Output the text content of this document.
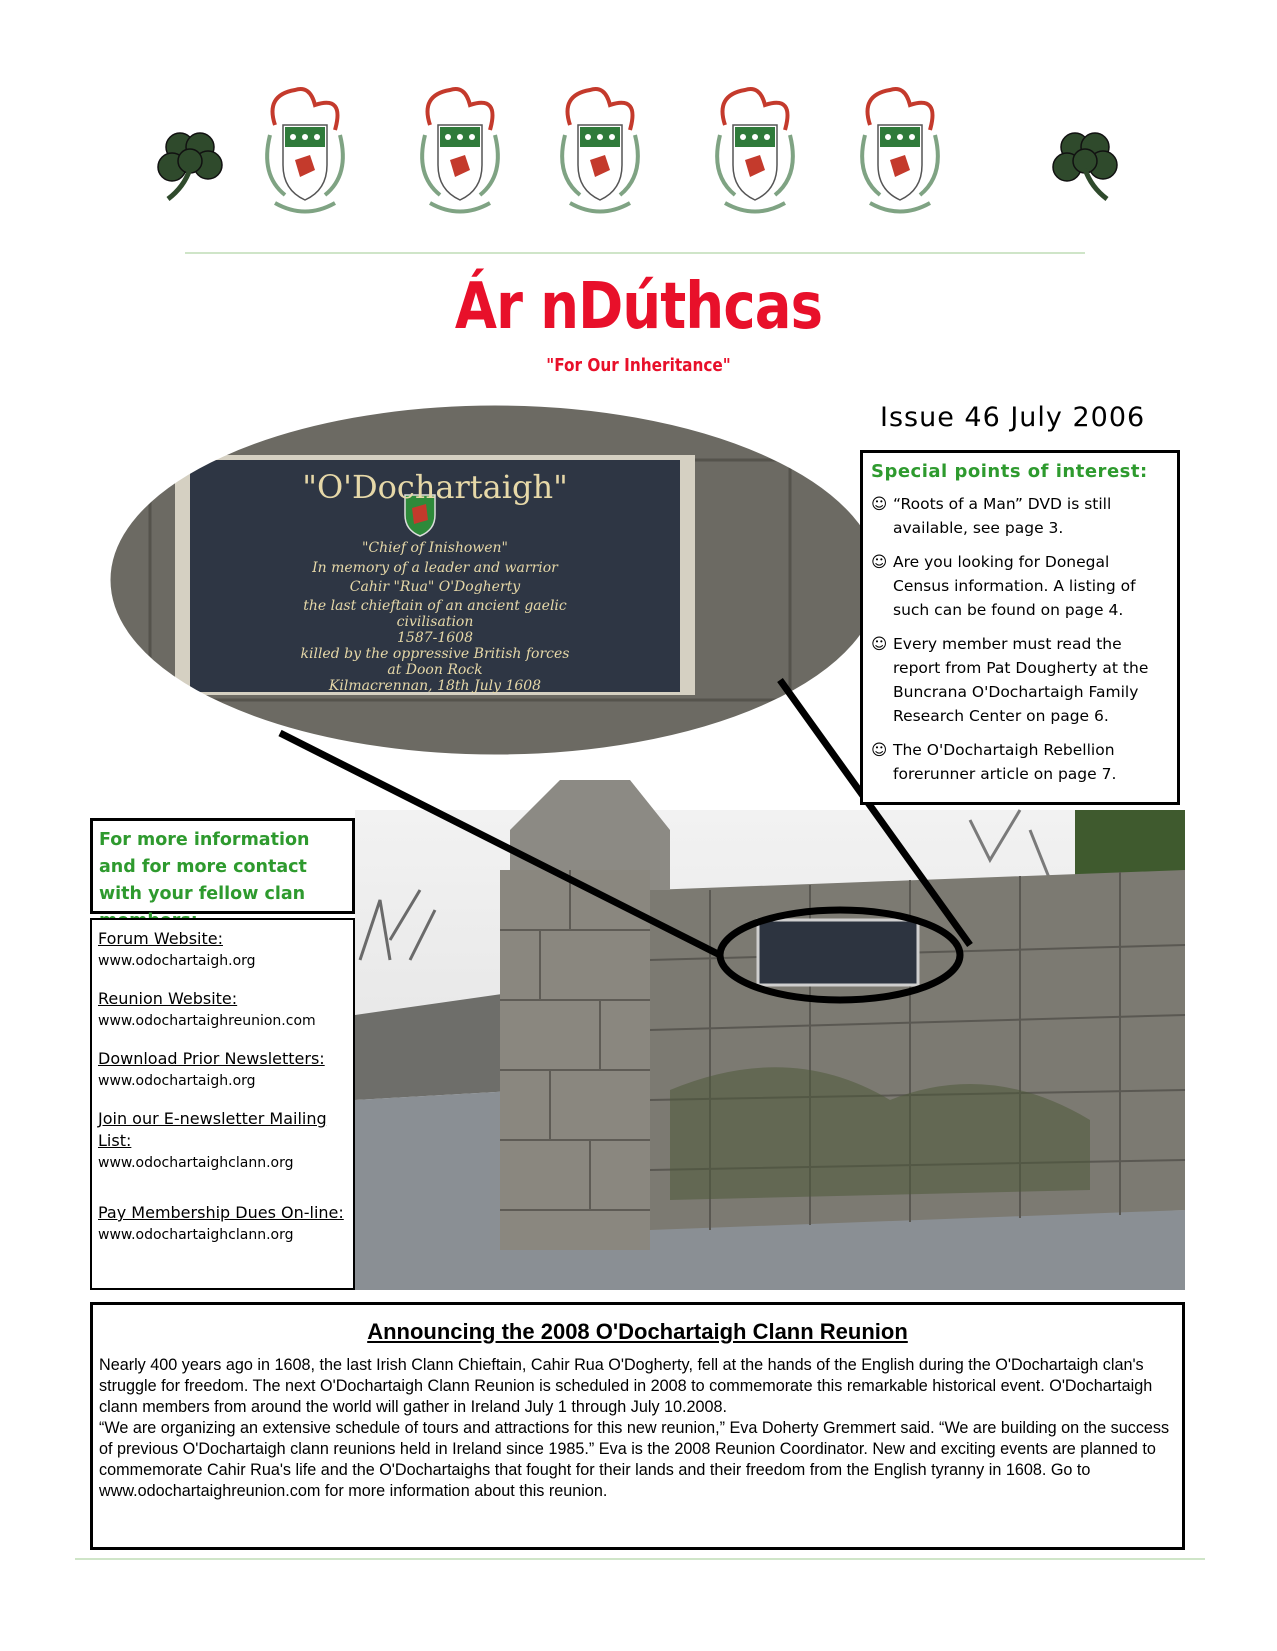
Ár nDúthcas
"For Our Inheritance"
Issue 46 July 2006
"O'Dochartaigh"
"Chief of Inishowen"
In memory of a leader and warrior
Cahir "Rua" O'Dogherty
the last chieftain of an ancient gaelic
civilisation
1587-1608
killed by the oppressive British forces
at Doon Rock
Kilmacrennan, 18th July 1608
Special points of interest:
☺ “Roots of a Man” DVD is still available, see page 3.
☺ Are you looking for Donegal Census information. A listing of such can be found on page 4.
☺ Every member must read the report from Pat Dougherty at the Buncrana O'Dochartaigh Family Research Center on page 6.
☺ The O'Dochartaigh Rebellion forerunner article on page 7.
For more information and for more contact with your fellow clan
Forum Website:
www.odochartaigh.org
Reunion Website:
www.odochartaighreunion.com
Download Prior Newsletters:
www.odochartaigh.org
Join our E-newsletter Mailing List:
www.odochartaighclann.org
Pay Membership Dues On-line:
www.odochartaighclann.org
Announcing the 2008 O'Dochartaigh Clann Reunion

Nearly 400 years ago in 1608, the last Irish Clann Chieftain, Cahir Rua O'Dogherty, fell at the hands of the English during the O'Dochartaigh clan's struggle for freedom. The next O'Dochartaigh Clann Reunion is scheduled in 2008 to commemorate this remarkable historical event. O'Dochartaigh clann members from around the world will gather in Ireland July 1 through July 10.2008.

“We are organizing an extensive schedule of tours and attractions for this new reunion,” Eva Doherty Gremmert said. “We are building on the success of previous O'Dochartaigh clann reunions held in Ireland since 1985.” Eva is the 2008 Reunion Coordinator. New and exciting events are planned to commemorate Cahir Rua's life and the O'Dochartaighs that fought for their lands and their freedom from the English tyranny in 1608. Go to www.odochartaighreunion.com for more information about this reunion.
